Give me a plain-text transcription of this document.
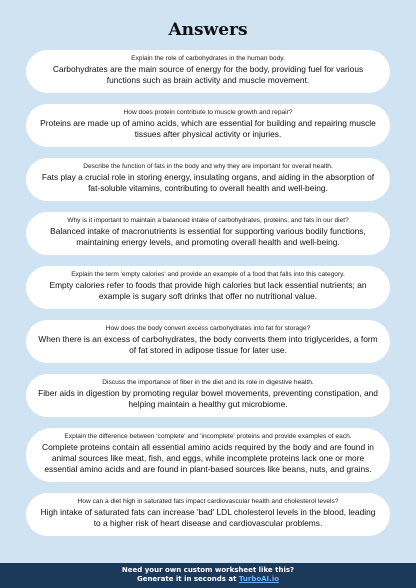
Answers
Explain the role of carbohydrates in the human body.
Carbohydrates are the main source of energy for the body, providing fuel for various functions such as brain activity and muscle movement.
How does protein contribute to muscle growth and repair?
Proteins are made up of amino acids, which are essential for building and repairing muscle tissues after physical activity or injuries.
Describe the function of fats in the body and why they are important for overall health.
Fats play a crucial role in storing energy, insulating organs, and aiding in the absorption of fat-soluble vitamins, contributing to overall health and well-being.
Why is it important to maintain a balanced intake of carbohydrates, proteins, and fats in our diet?
Balanced intake of macronutrients is essential for supporting various bodily functions, maintaining energy levels, and promoting overall health and well-being.
Explain the term 'empty calories' and provide an example of a food that falls into this category.
Empty calories refer to foods that provide high calories but lack essential nutrients; an example is sugary soft drinks that offer no nutritional value.
How does the body convert excess carbohydrates into fat for storage?
When there is an excess of carbohydrates, the body converts them into triglycerides, a form of fat stored in adipose tissue for later use.
Discuss the importance of fiber in the diet and its role in digestive health.
Fiber aids in digestion by promoting regular bowel movements, preventing constipation, and helping maintain a healthy gut microbiome.
Explain the difference between 'complete' and 'incomplete' proteins and provide examples of each.
Complete proteins contain all essential amino acids required by the body and are found in animal sources like meat, fish, and eggs, while incomplete proteins lack one or more essential amino acids and are found in plant-based sources like beans, nuts, and grains.
How can a diet high in saturated fats impact cardiovascular health and cholesterol levels?
High intake of saturated fats can increase 'bad' LDL cholesterol levels in the blood, leading to a higher risk of heart disease and cardiovascular problems.
Need your own custom worksheet like this?
Generate it in seconds at TurboAI.io
